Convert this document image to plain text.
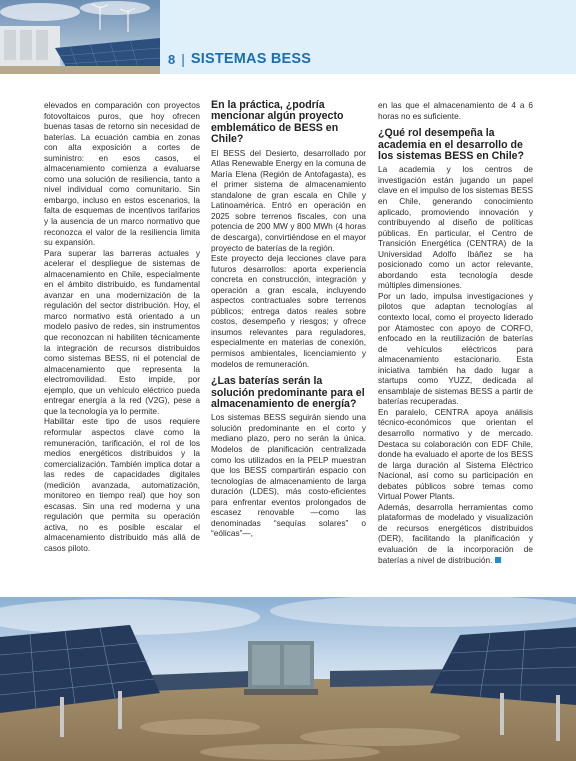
8 | SISTEMAS BESS

elevados en comparación con proyectos fotovoltaicos puros, que hoy ofrecen buenas tasas de retorno sin necesidad de baterías. La ecuación cambia en zonas con alta exposición a cortes de suministro: en esos casos, el almacenamiento comienza a evaluarse como una solución de resiliencia, tanto a nivel individual como comunitario. Sin embargo, incluso en estos escenarios, la falta de esquemas de incentivos tarifarios y la ausencia de un marco normativo que reconozca el valor de la resiliencia limita su expansión.

Para superar las barreras actuales y acelerar el despliegue de sistemas de almacenamiento en Chile, especialmente en el ámbito distribuido, es fundamental avanzar en una modernización de la regulación del sector distribución. Hoy, el marco normativo está orientado a un modelo pasivo de redes, sin instrumentos que reconozcan ni habiliten técnicamente la integración de recursos distribuidos como sistemas BESS, ni el potencial de almacenamiento que representa la electromovilidad. Esto impide, por ejemplo, que un vehículo eléctrico pueda entregar energía a la red (V2G), pese a que la tecnología ya lo permite.

Habilitar este tipo de usos requiere reformular aspectos clave como la remuneración, tarificación, el rol de los medios energéticos distribuidos y la comercialización. También implica dotar a las redes de capacidades digitales (medición avanzada, automatización, monitoreo en tiempo real) que hoy son escasas. Sin una red moderna y una regulación que permita su operación activa, no es posible escalar el almacenamiento distribuido más allá de casos piloto.

En la práctica, ¿podría mencionar algún proyecto emblemático de BESS en Chile?

El BESS del Desierto, desarrollado por Atlas Renewable Energy en la comuna de María Elena (Región de Antofagasta), es el primer sistema de almacenamiento standalone de gran escala en Chile y Latinoamérica. Entró en operación en 2025 sobre terrenos fiscales, con una potencia de 200 MW y 800 MWh (4 horas de descarga), convirtiéndose en el mayor proyecto de baterías de la región.

Este proyecto deja lecciones clave para futuros desarrollos: aporta experiencia concreta en construcción, integración y operación a gran escala, incluyendo aspectos contractuales sobre terrenos públicos; entrega datos reales sobre costos, desempeño y riesgos; y ofrece insumos relevantes para reguladores, especialmente en materias de conexión, permisos ambientales, licenciamiento y modelos de remuneración.

¿Las baterías serán la solución predominante para el almacenamiento de energía?

Los sistemas BESS seguirán siendo una solución predominante en el corto y mediano plazo, pero no serán la única. Modelos de planificación centralizada como los utilizados en la PELP muestran que los BESS compartirán espacio con tecnologías de almacenamiento de larga duración (LDES), más costo-eficientes para enfrentar eventos prolongados de escasez renovable —como las denominadas “sequías solares” o “eólicas”—,

en las que el almacenamiento de 4 a 6 horas no es suficiente.

¿Qué rol desempeña la academia en el desarrollo de los sistemas BESS en Chile?

La academia y los centros de investigación están jugando un papel clave en el impulso de los sistemas BESS en Chile, generando conocimiento aplicado, promoviendo innovación y contribuyendo al diseño de políticas públicas. En particular, el Centro de Transición Energética (CENTRA) de la Universidad Adolfo Ibáñez se ha posicionado como un actor relevante, abordando esta tecnología desde múltiples dimensiones.

Por un lado, impulsa investigaciones y pilotos que adaptan tecnologías al contexto local, como el proyecto liderado por Atamostec con apoyo de CORFO, enfocado en la reutilización de baterías de vehículos eléctricos para almacenamiento estacionario. Esta iniciativa también ha dado lugar a startups como YUZZ, dedicada al ensamblaje de sistemas BESS a partir de baterías recuperadas.

En paralelo, CENTRA apoya análisis técnico-económicos que orientan el desarrollo normativo y de mercado. Destaca su colaboración con EDF Chile, donde ha evaluado el aporte de los BESS de larga duración al Sistema Eléctrico Nacional, así como su participación en debates públicos sobre temas como Virtual Power Plants.

Además, desarrolla herramientas como plataformas de modelado y visualización de recursos energéticos distribuidos (DER), facilitando la planificación y evaluación de la incorporación de baterías a nivel de distribución.
